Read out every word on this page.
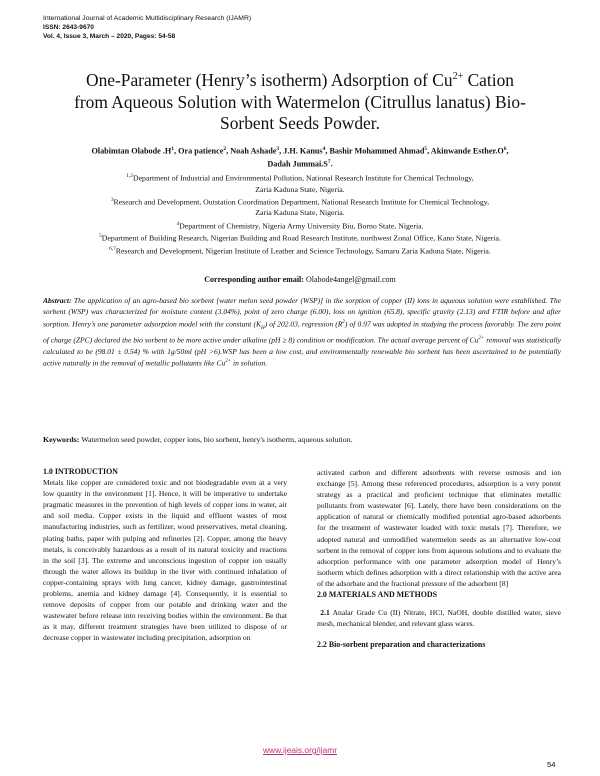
International Journal of Academic Multidisciplinary Research (IJAMR)
ISSN: 2643-9670
Vol. 4, Issue 3, March – 2020, Pages: 54-58
One-Parameter (Henry’s isotherm) Adsorption of $Cu^{2+}$ Cation
from Aqueous Solution with Watermelon (Citrullus lanatus) Bio-
Sorbent Seeds Powder.
Olabimtan Olabode $.H^1$, Ora patience$^2$, Noah Ashade$^3$, J.H. Kanus$^4$, Bashir Mohammed Ahmad$^5$, Akinwande $Esther.O^6$,
Dadah $Jummai.S^7$.
$^{1,2}$Department of Industrial and Environmental Pollution, National Research Institute for Chemical Technology,
Zaria Kaduna State, Nigeria.
$^3$Research and Development, Outstation Coordination Department, National Research Institute for Chemical Technology,
Zaria Kaduna State, Nigeria.
$^4$Department of Chemistry, Nigeria Army University Biu, Borno State, Nigeria.
$^5$Department of Building Research, Nigerian Building and Road Research Institute, northwest Zonal Office, Kano State, Nigeria.
$^{6,7}$Research and Development, Nigerian Institute of Leather and Science Technology, Samaru Zaria Kaduna State, Nigeria.
Corresponding author email: Olabode4angel@gmail.com
Abstract: The application of an agro-based bio sorbent [water melon seed powder (WSP)] in the sorption of copper (II) ions in aqueous solution were established. The sorbent (WSP) was characterized for moisture content (3.04%), point of zero charge (6.00), loss on ignition (65.8), specific gravity (2.13) and FTIR before and after sorption. Henry’s one parameter adsorption model with the constant $(K_H)$ of 202.03, regression $(R^2)$ of 0.97 was adopted in studying the process favorably. The zero point of charge (ZPC) declared the bio sorbent to be more active under alkaline (pH ≥ 8) condition or modification. The actual average percent of $Cu^{2+}$ removal was statistically calculated to be (98.01 ± 0.54) % with 1g/50ml (pH >6).WSP has been a low cost, and environmentally renewable bio sorbent has been ascertained to be potentially active naturally in the removal of metallic pollutants like $Cu^{2+}$ in solution.
Keywords: Watermelon seed powder, copper ions, bio sorbent, henry's isotherm, aqueous solution.
1.0 INTRODUCTION

Metals like copper are considered toxic and not biodegradable even at a very low quantity in the environment [1]. Hence, it will be imperative to undertake pragmatic measures in the prevention of high levels of copper ions in water, air and soil media. Copper exists in the liquid and effluent wastes of most manufacturing industries, such as fertilizer, wood preservatives, metal cleaning, plating baths, paper with pulping and refineries [2]. Copper, among the heavy metals, is conceivably hazardous as a result of its natural toxicity and reactions in the soil [3]. The extreme and unconscious ingestion of copper ion usually through the water allows its buildup in the liver with continued inhalation of copper-containing sprays with lung cancer, kidney damage, gastrointestinal problems, anemia and kidney damage [4]. Consequently, it is essential to remove deposits of copper from our potable and drinking water and the wastewater before release into receiving bodies within the environment. Be that as it may, different treatment strategies have been utilized to dispose of or decrease copper in wastewater including precipitation, adsorption on

activated carbon and different adsorbents with reverse osmosis and ion exchange [5]. Among these referenced procedures, adsorption is a very potent strategy as a practical and proficient technique that eliminates metallic pollutants from wastewater [6]. Lately, there have been considerations on the application of natural or chemically modified potential agro-based adsorbents for the treatment of wastewater loaded with toxic metals [7]. Therefore, we adopted natural and unmodified watermelon seeds as an alternative low-cost sorbent in the removal of copper ions from aqueous solutions and to evaluate the adsorption performance with one parameter adsorption model of Henry’s isotherm which defines adsorption with a direct relationship with the active area of the adsorbate and the fractional pressure of the adsorbent [8]

2.0 MATERIALS AND METHODS

2.1 Analar Grade Cu (II) Nitrate, HCl, NaOH, double distilled water, sieve mesh, mechanical blender, and relevant glass wares.

2.2 Bio-sorbent preparation and characterizations
www.ijeais.org/ijamr
54
